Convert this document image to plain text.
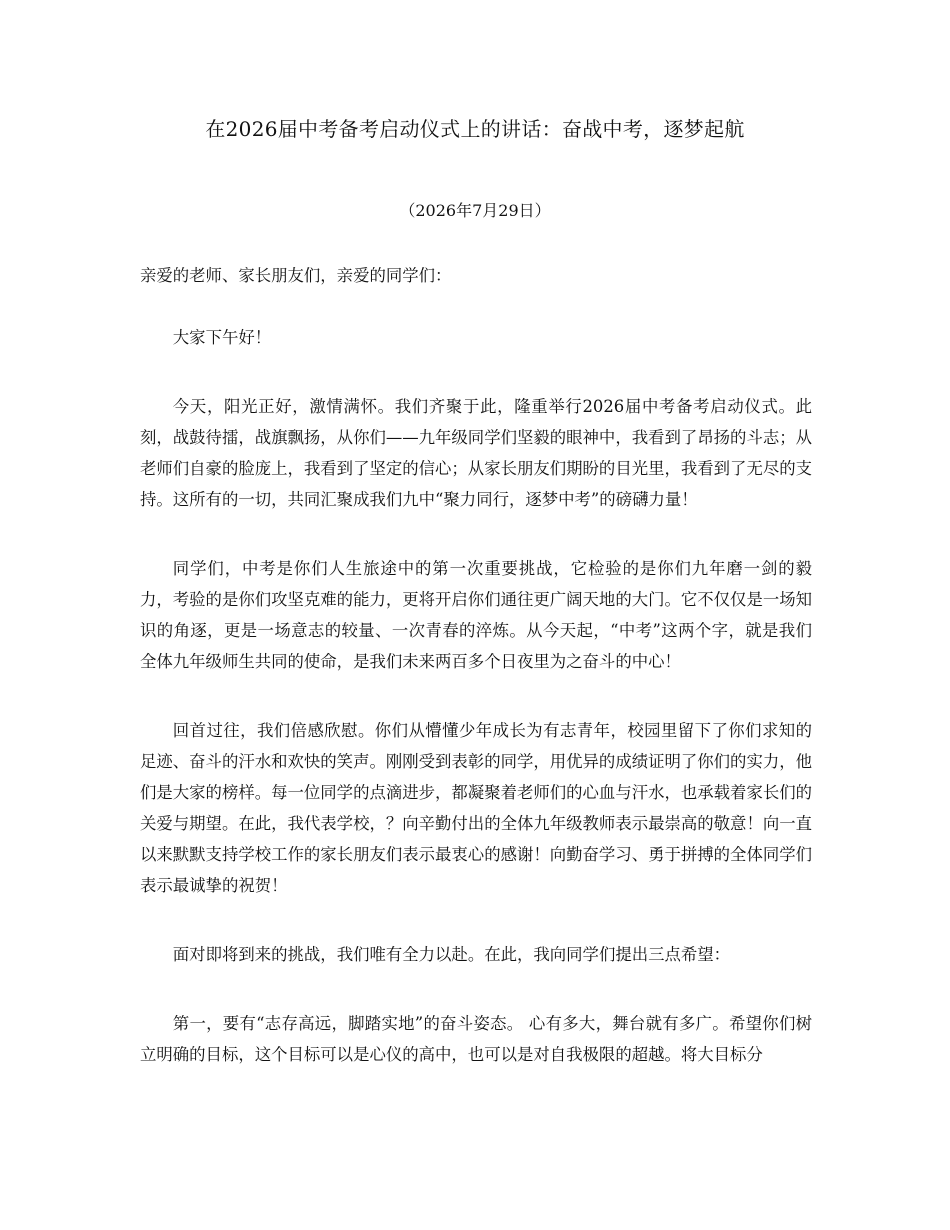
在2026届中考备考启动仪式上的讲话：奋战中考，逐梦起航
（2026年7月29日）

亲爱的老师、家长朋友们，亲爱的同学们：

大家下午好！

今天，阳光正好，激情满怀。我们齐聚于此，隆重举行2026届中考备考启动仪式。此刻，战鼓待擂，战旗飘扬，从你们——九年级同学们坚毅的眼神中，我看到了昂扬的斗志；从老师们自豪的脸庞上，我看到了坚定的信心；从家长朋友们期盼的目光里，我看到了无尽的支持。这所有的一切，共同汇聚成我们九中“聚力同行，逐梦中考”的磅礴力量！

同学们，中考是你们人生旅途中的第一次重要挑战，它检验的是你们九年磨一剑的毅力，考验的是你们攻坚克难的能力，更将开启你们通往更广阔天地的大门。它不仅仅是一场知识的角逐，更是一场意志的较量、一次青春的淬炼。从今天起，“中考”这两个字，就是我们全体九年级师生共同的使命，是我们未来两百多个日夜里为之奋斗的中心！

回首过往，我们倍感欣慰。你们从懵懂少年成长为有志青年，校园里留下了你们求知的足迹、奋斗的汗水和欢快的笑声。刚刚受到表彰的同学，用优异的成绩证明了你们的实力，他们是大家的榜样。每一位同学的点滴进步，都凝聚着老师们的心血与汗水，也承载着家长们的关爱与期望。在此，我代表学校，？向辛勤付出的全体九年级教师表示最崇高的敬意！向一直以来默默支持学校工作的家长朋友们表示最衷心的感谢！向勤奋学习、勇于拼搏的全体同学们表示最诚挚的祝贺！

面对即将到来的挑战，我们唯有全力以赴。在此，我向同学们提出三点希望：

第一，要有“志存高远，脚踏实地”的奋斗姿态。 心有多大，舞台就有多广。希望你们树立明确的目标，这个目标可以是心仪的高中，也可以是对自我极限的超越。将大目标分
